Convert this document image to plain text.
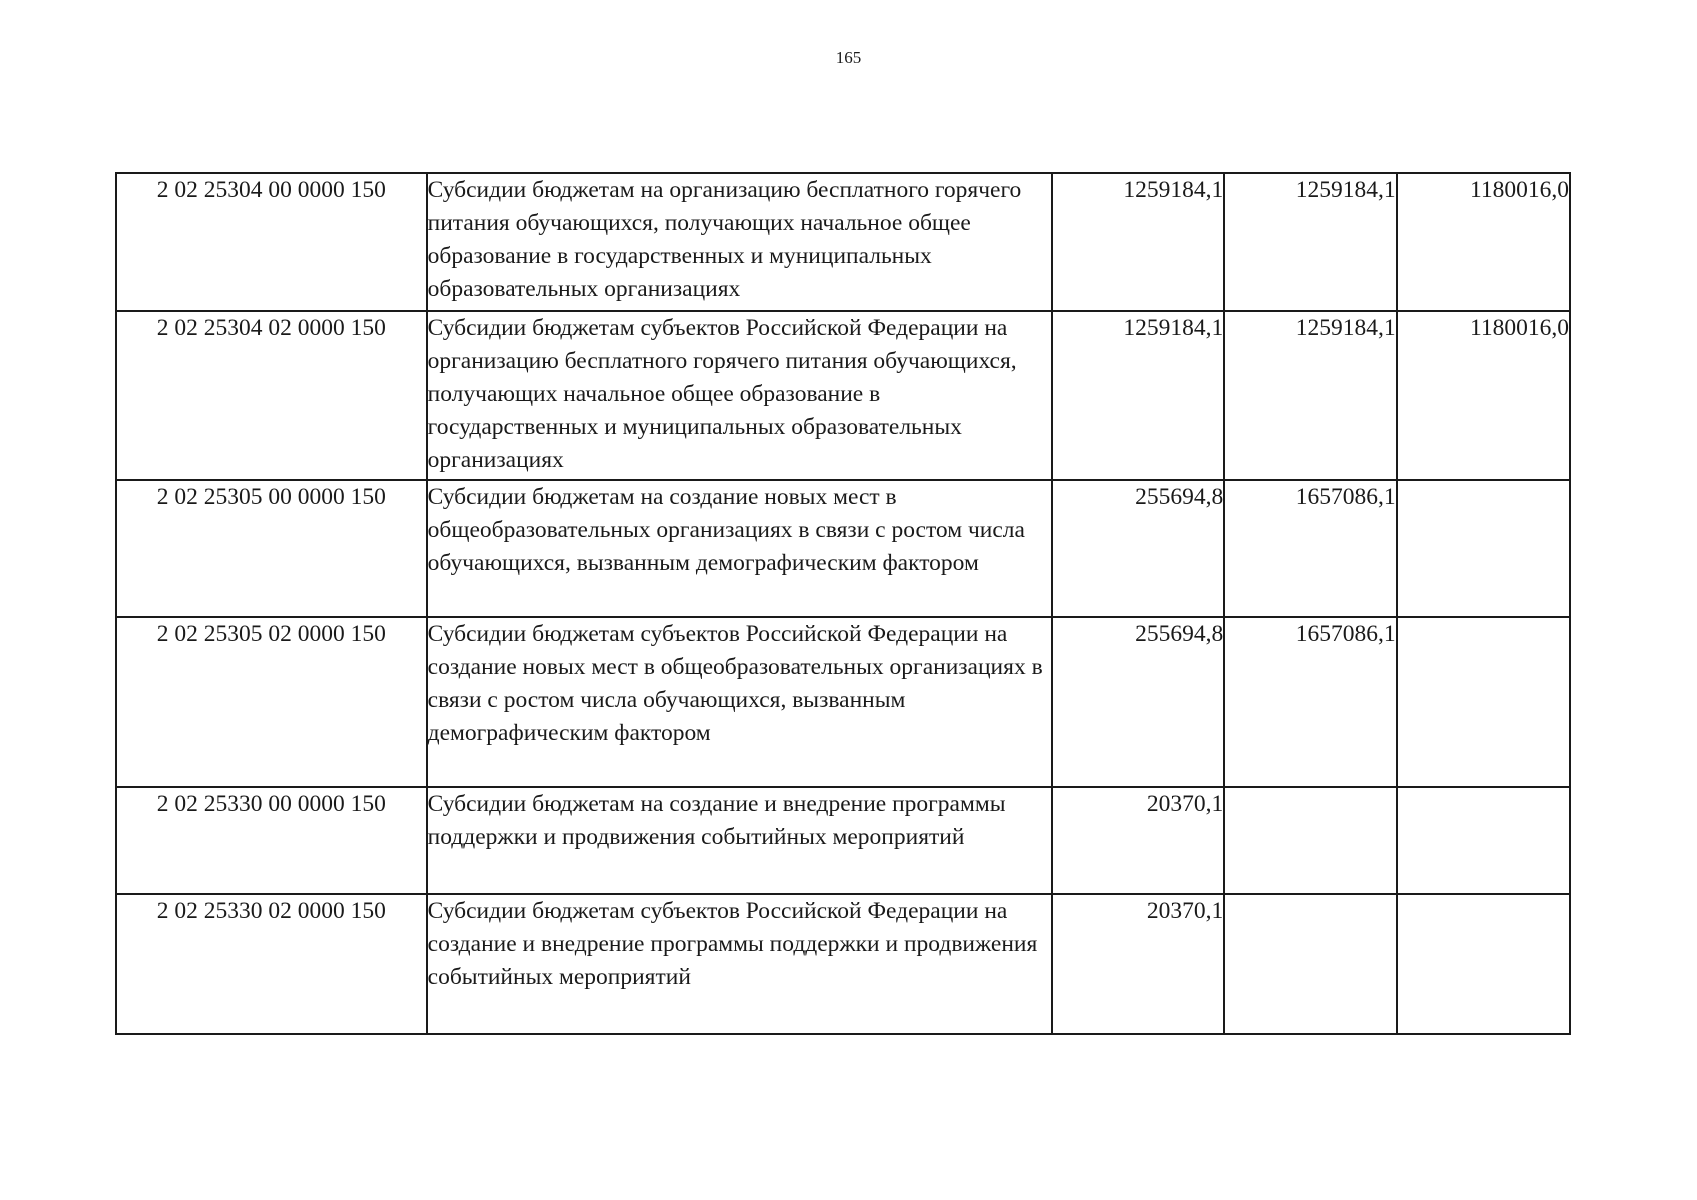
165
2 02 25304 00 0000 150	Субсидии бюджетам на организацию бесплатного горячего питания обучающихся, получающих начальное общее образование в государственных и муниципальных образовательных организациях	1259184,1	1259184,1	1180016,0
2 02 25304 02 0000 150	Субсидии бюджетам субъектов Российской Федерации на организацию бесплатного горячего питания обучающихся, получающих начальное общее образование в государственных и муниципальных образовательных организациях	1259184,1	1259184,1	1180016,0
2 02 25305 00 0000 150	Субсидии бюджетам на создание новых мест в общеобразовательных организациях в связи с ростом числа обучающихся, вызванным демографическим фактором	255694,8	1657086,1	
2 02 25305 02 0000 150	Субсидии бюджетам субъектов Российской Федерации на создание новых мест в общеобразовательных организациях в связи с ростом числа обучающихся, вызванным демографическим фактором	255694,8	1657086,1	
2 02 25330 00 0000 150	Субсидии бюджетам на создание и внедрение программы поддержки и продвижения событийных мероприятий	20370,1		
2 02 25330 02 0000 150	Субсидии бюджетам субъектов Российской Федерации на создание и внедрение программы поддержки и продвижения событийных мероприятий	20370,1		
